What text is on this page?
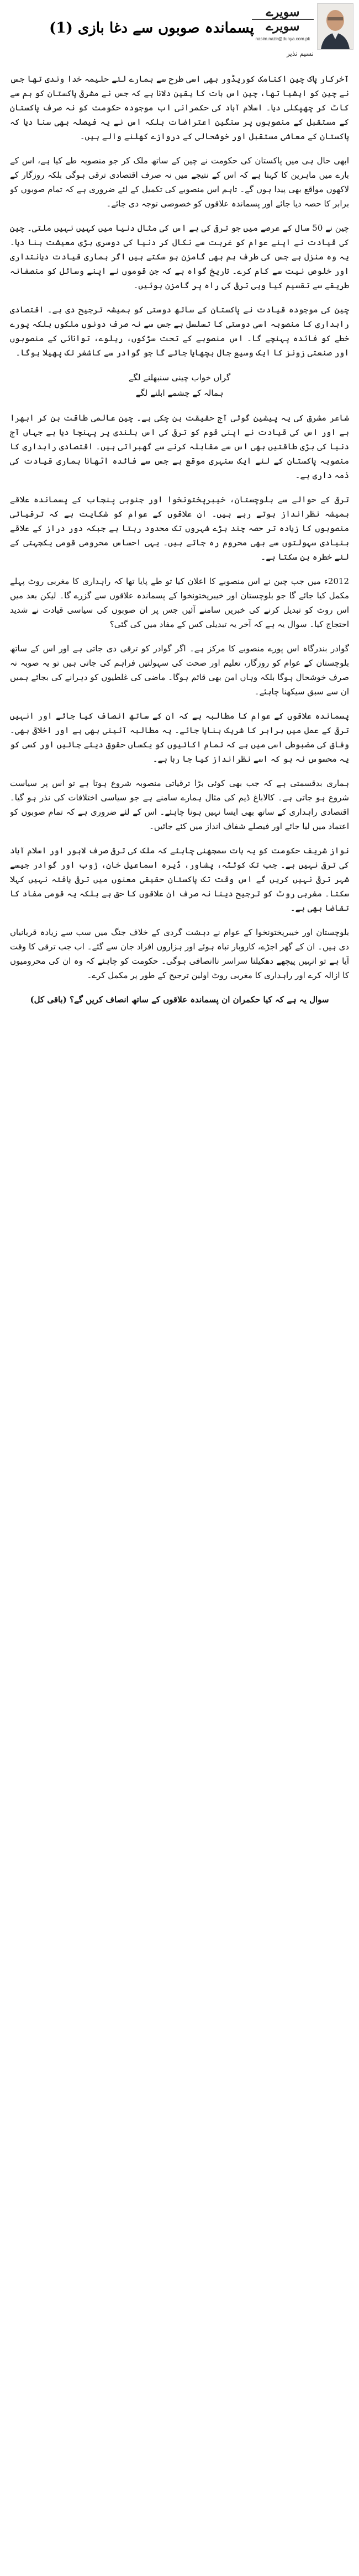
سویرے
سویرے
nasim.nazir@dunya.com.pk
نسیم نذیر
پسماندہ صوبوں سے دغا بازی (1)

آخرکار پاک چین اکنامک کوریڈور بھی اسی طرح سے ہمارے لئے حلیمہ خدا وندی تھا جس نے چین کو ایشیا تھا، چین اس بات کا یقین دلانا ہے کہ جس نے مشرقی پاکستان کو ہم سے کاٹ کر چھپکلی دیا۔ اسلام آباد کی حکمرانی اب موجودہ حکومت کو نہ صرف پاکستان کے مستقبل کے منصوبوں پر سنگین اعتراضات بلکہ اس نے یہ فیصلہ بھی سنا دیا کہ پاکستان کے معاشی مستقبل اور خوشحالی کے دروازے کھلنے والے ہیں۔

ابھی حال ہی میں پاکستان کی حکومت نے چین کے ساتھ ملک کر جو منصوبہ طے کیا ہے، اس کے بارے میں ماہرین کا کہنا ہے کہ اس کے نتیجے میں نہ صرف اقتصادی ترقی ہوگی بلکہ روزگار کے لاکھوں مواقع بھی پیدا ہوں گے۔ تاہم اس منصوبے کی تکمیل کے لئے ضروری ہے کہ تمام صوبوں کو برابر کا حصہ دیا جائے اور پسماندہ علاقوں کو خصوصی توجہ دی جائے۔

چین نے 50 سال کے عرصے میں جو ترقی کی ہے اس کی مثال دنیا میں کہیں نہیں ملتی۔ چین کی قیادت نے اپنے عوام کو غربت سے نکال کر دنیا کی دوسری بڑی معیشت بنا دیا۔ یہ وہ منزل ہے جس کی طرف ہم بھی گامزن ہو سکتے ہیں اگر ہماری قیادت دیانتداری اور خلوص نیت سے کام کرے۔ تاریخ گواہ ہے کہ جن قوموں نے اپنے وسائل کو منصفانہ طریقے سے تقسیم کیا وہی ترقی کی راہ پر گامزن ہوئیں۔

چین کی موجودہ قیادت نے پاکستان کے ساتھ دوستی کو ہمیشہ ترجیح دی ہے۔ اقتصادی راہداری کا منصوبہ اسی دوستی کا تسلسل ہے جس سے نہ صرف دونوں ملکوں بلکہ پورے خطے کو فائدہ پہنچے گا۔ اس منصوبے کے تحت سڑکوں، ریلوے، توانائی کے منصوبوں اور صنعتی زونز کا ایک وسیع جال بچھایا جائے گا جو گوادر سے کاشغر تک پھیلا ہوگا۔

گراں خواب چینی سنبھلنے لگے
ہمالہ کے چشمے ابلنے لگے

شاعر مشرق کی یہ پیشین گوئی آج حقیقت بن چکی ہے۔ چین عالمی طاقت بن کر ابھرا ہے اور اس کی قیادت نے اپنی قوم کو ترقی کی اس بلندی پر پہنچا دیا ہے جہاں آج دنیا کی بڑی طاقتیں بھی اس سے مقابلہ کرنے سے گھبراتی ہیں۔ اقتصادی راہداری کا منصوبہ پاکستان کے لئے ایک سنہری موقع ہے جس سے فائدہ اٹھانا ہماری قیادت کی ذمہ داری ہے۔

ترقی کے حوالے سے بلوچستان، خیبرپختونخوا اور جنوبی پنجاب کے پسماندہ علاقے ہمیشہ نظرانداز ہوتے رہے ہیں۔ ان علاقوں کے عوام کو شکایت ہے کہ ترقیاتی منصوبوں کا زیادہ تر حصہ چند بڑے شہروں تک محدود رہتا ہے جبکہ دور دراز کے علاقے بنیادی سہولتوں سے بھی محروم رہ جاتے ہیں۔ یہی احساس محرومی قومی یکجہتی کے لئے خطرہ بن سکتا ہے۔

2012ء میں جب چین نے اس منصوبے کا اعلان کیا تو طے پایا تھا کہ راہداری کا مغربی روٹ پہلے مکمل کیا جائے گا جو بلوچستان اور خیبرپختونخوا کے پسماندہ علاقوں سے گزرے گا۔ لیکن بعد میں اس روٹ کو تبدیل کرنے کی خبریں سامنے آئیں جس پر ان صوبوں کی سیاسی قیادت نے شدید احتجاج کیا۔ سوال یہ ہے کہ آخر یہ تبدیلی کس کے مفاد میں کی گئی؟

گوادر بندرگاہ اس پورے منصوبے کا مرکز ہے۔ اگر گوادر کو ترقی دی جاتی ہے اور اس کے ساتھ بلوچستان کے عوام کو روزگار، تعلیم اور صحت کی سہولتیں فراہم کی جاتی ہیں تو یہ صوبہ نہ صرف خوشحال ہوگا بلکہ وہاں امن بھی قائم ہوگا۔ ماضی کی غلطیوں کو دہرانے کی بجائے ہمیں ان سے سبق سیکھنا چاہئے۔

پسماندہ علاقوں کے عوام کا مطالبہ ہے کہ ان کے ساتھ انصاف کیا جائے اور انہیں ترقی کے عمل میں برابر کا شریک بنایا جائے۔ یہ مطالبہ آئینی بھی ہے اور اخلاقی بھی۔ وفاق کی مضبوطی اسی میں ہے کہ تمام اکائیوں کو یکساں حقوق دیئے جائیں اور کسی کو یہ محسوس نہ ہو کہ اسے نظرانداز کیا جا رہا ہے۔

ہماری بدقسمتی ہے کہ جب بھی کوئی بڑا ترقیاتی منصوبہ شروع ہوتا ہے تو اس پر سیاست شروع ہو جاتی ہے۔ کالاباغ ڈیم کی مثال ہمارے سامنے ہے جو سیاسی اختلافات کی نذر ہو گیا۔ اقتصادی راہداری کے ساتھ بھی ایسا نہیں ہونا چاہئے۔ اس کے لئے ضروری ہے کہ تمام صوبوں کو اعتماد میں لیا جائے اور فیصلے شفاف انداز میں کئے جائیں۔

نواز شریف حکومت کو یہ بات سمجھنی چاہئے کہ ملک کی ترقی صرف لاہور اور اسلام آباد کی ترقی نہیں ہے۔ جب تک کوئٹہ، پشاور، ڈیرہ اسماعیل خان، ژوب اور گوادر جیسے شہر ترقی نہیں کریں گے اس وقت تک پاکستان حقیقی معنوں میں ترقی یافتہ نہیں کہلا سکتا۔ مغربی روٹ کو ترجیح دینا نہ صرف ان علاقوں کا حق ہے بلکہ یہ قومی مفاد کا تقاضا بھی ہے۔

بلوچستان اور خیبرپختونخوا کے عوام نے دہشت گردی کے خلاف جنگ میں سب سے زیادہ قربانیاں دی ہیں۔ ان کے گھر اجڑے، کاروبار تباہ ہوئے اور ہزاروں افراد جان سے گئے۔ اب جب ترقی کا وقت آیا ہے تو انہیں پیچھے دھکیلنا سراسر ناانصافی ہوگی۔ حکومت کو چاہئے کہ وہ ان کی محرومیوں کا ازالہ کرے اور راہداری کا مغربی روٹ اولین ترجیح کے طور پر مکمل کرے۔

سوال یہ ہے کہ کیا حکمران ان پسماندہ علاقوں کے ساتھ انصاف کریں گے؟ (باقی کل)
